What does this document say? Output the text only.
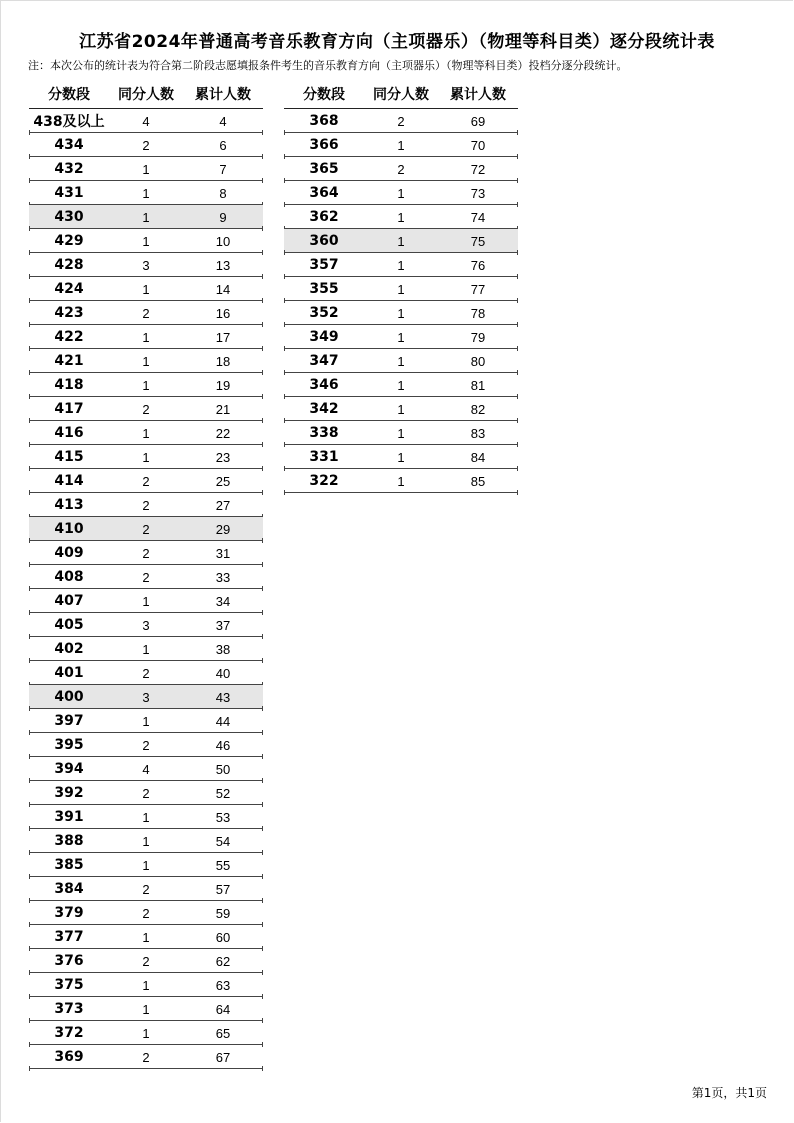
江苏省2024年普通高考音乐教育方向（主项器乐）（物理等科目类）逐分段统计表
注：本次公布的统计表为符合第二阶段志愿填报条件考生的音乐教育方向（主项器乐）（物理等科目类）投档分逐分段统计。
分数段	同分人数	累计人数
438及以上	4	4
434	2	6
432	1	7
431	1	8
430	1	9
429	1	10
428	3	13
424	1	14
423	2	16
422	1	17
421	1	18
418	1	19
417	2	21
416	1	22
415	1	23
414	2	25
413	2	27
410	2	29
409	2	31
408	2	33
407	1	34
405	3	37
402	1	38
401	2	40
400	3	43
397	1	44
395	2	46
394	4	50
392	2	52
391	1	53
388	1	54
385	1	55
384	2	57
379	2	59
377	1	60
376	2	62
375	1	63
373	1	64
372	1	65
369	2	67
分数段	同分人数	累计人数
368	2	69
366	1	70
365	2	72
364	1	73
362	1	74
360	1	75
357	1	76
355	1	77
352	1	78
349	1	79
347	1	80
346	1	81
342	1	82
338	1	83
331	1	84
322	1	85
第1页，共1页
